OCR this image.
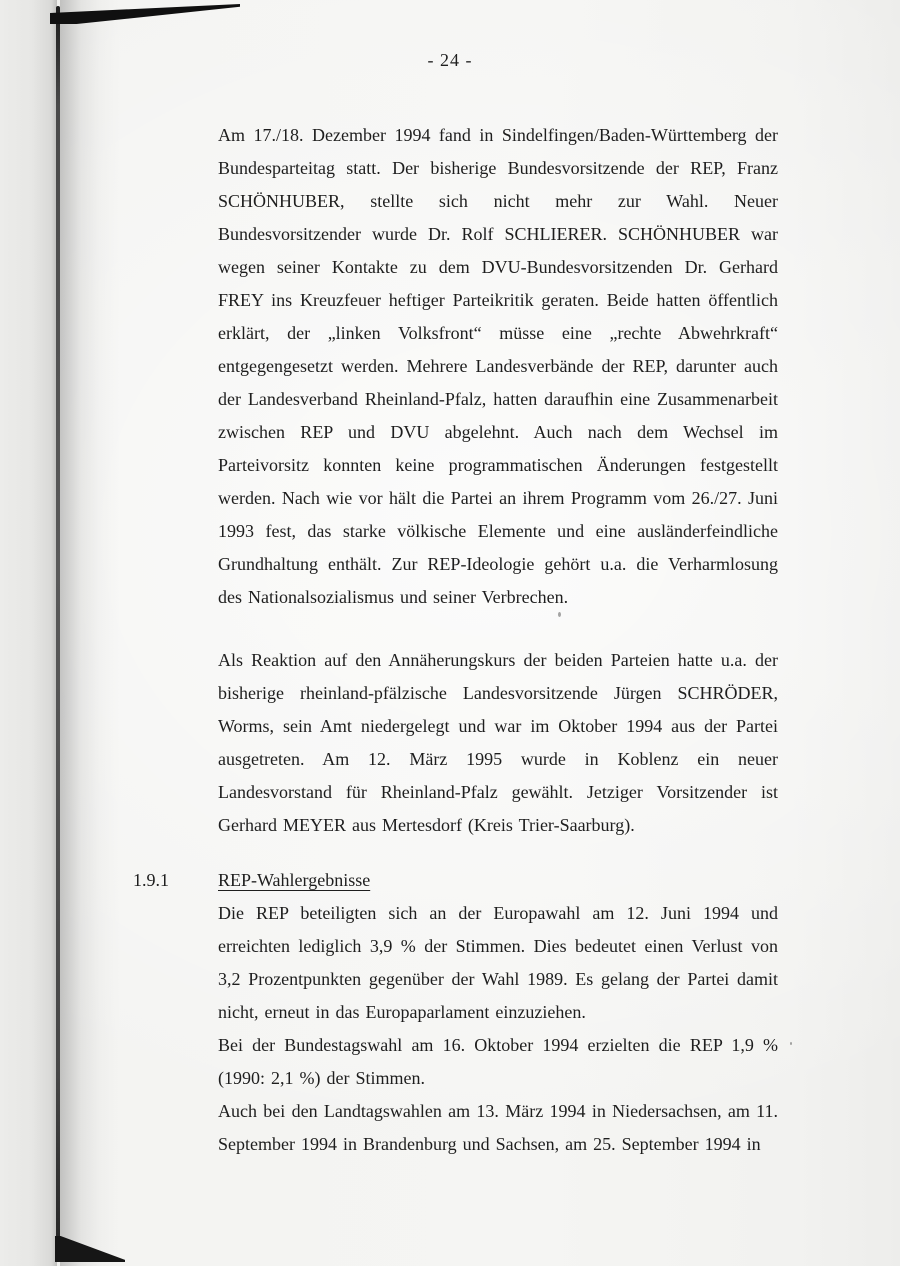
- 24 -

Am 17./18. Dezember 1994 fand in Sindelfingen/Baden-Württemberg der Bundesparteitag statt. Der bisherige Bundesvorsitzende der REP, Franz SCHÖNHUBER, stellte sich nicht mehr zur Wahl. Neuer Bundesvorsitzender wurde Dr. Rolf SCHLIERER. SCHÖNHUBER war wegen seiner Kontakte zu dem DVU-Bundesvorsitzenden Dr. Gerhard FREY ins Kreuzfeuer heftiger Parteikritik geraten. Beide hatten öffentlich erklärt, der „linken Volksfront“ müsse eine „rechte Abwehrkraft“ entgegengesetzt werden. Mehrere Landesverbände der REP, darunter auch der Landesverband Rheinland-Pfalz, hatten daraufhin eine Zusammenarbeit zwischen REP und DVU abgelehnt. Auch nach dem Wechsel im Parteivorsitz konnten keine programmatischen Änderungen festgestellt werden. Nach wie vor hält die Partei an ihrem Programm vom 26./27. Juni 1993 fest, das starke völkische Elemente und eine ausländerfeindliche Grundhaltung enthält. Zur REP-Ideologie gehört u.a. die Verharmlosung des Nationalsozialismus und seiner Verbrechen.

Als Reaktion auf den Annäherungskurs der beiden Parteien hatte u.a. der bisherige rheinland-pfälzische Landesvorsitzende Jürgen SCHRÖDER, Worms, sein Amt niedergelegt und war im Oktober 1994 aus der Partei ausgetreten. Am 12. März 1995 wurde in Koblenz ein neuer Landesvorstand für Rheinland-Pfalz gewählt. Jetziger Vorsitzender ist Gerhard MEYER aus Mertesdorf (Kreis Trier-Saarburg).

1.9.1	REP-Wahlergebnisse

Die REP beteiligten sich an der Europawahl am 12. Juni 1994 und erreichten lediglich 3,9 % der Stimmen. Dies bedeutet einen Verlust von 3,2 Prozentpunkten gegenüber der Wahl 1989. Es gelang der Partei damit nicht, erneut in das Europaparlament einzuziehen.

Bei der Bundestagswahl am 16. Oktober 1994 erzielten die REP 1,9 % (1990: 2,1 %) der Stimmen.

Auch bei den Landtagswahlen am 13. März 1994 in Niedersachsen, am 11. September 1994 in Brandenburg und Sachsen, am 25. September 1994 in
